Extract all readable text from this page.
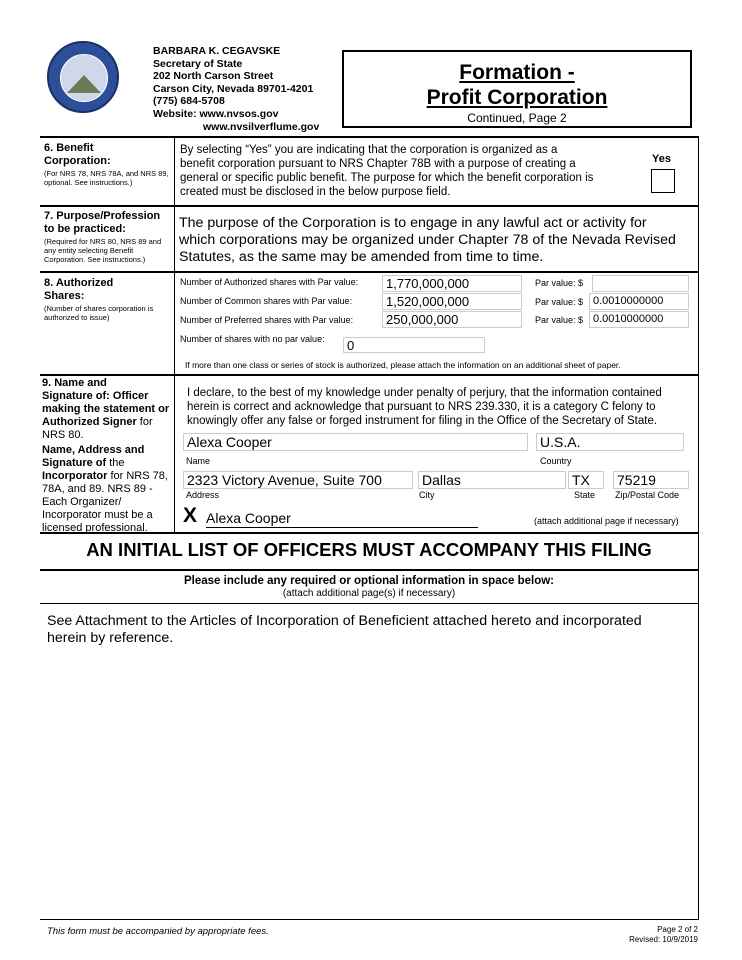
BARBARA K. CEGAVSKE
Secretary of State
202 North Carson Street
Carson City, Nevada 89701-4201
(775) 684-5708
Website: www.nvsos.gov
www.nvsilverflume.gov
Formation -
Profit Corporation
Continued, Page 2
6. Benefit
Corporation:
(For NRS 78, NRS 78A, and NRS 89, optional. See instructions.)
By selecting “Yes” you are indicating that the corporation is organized as a
benefit corporation pursuant to NRS Chapter 78B with a purpose of creating a
general or specific public benefit. The purpose for which the benefit corporation is
created must be disclosed in the below purpose field.
Yes
7. Purpose/Profession
to be practiced:
(Required for NRS 80, NRS 89 and any entity selecting Benefit Corporation. See instructions.)
The purpose of the Corporation is to engage in any lawful act or activity for
which corporations may be organized under Chapter 78 of the Nevada Revised
Statutes, as the same may be amended from time to time.
8. Authorized
Shares:
(Number of shares corporation is authorized to issue)
Number of Authorized shares with Par value:	1,770,000,000	Par value: $
Number of Common shares with Par value:	1,520,000,000	Par value: $ 0.0010000000
Number of Preferred shares with Par value:	250,000,000	Par value: $ 0.0010000000
Number of shares with no par value:	0
If more than one class or series of stock is authorized, please attach the information on an additional sheet of paper.
9. Name and
Signature of: Officer
making the statement or
Authorized Signer for
NRS 80.
Name, Address and
Signature of the
Incorporator for NRS 78,
78A, and 89. NRS 89 -
Each Organizer/
Incorporator must be a
licensed professional.
I declare, to the best of my knowledge under penalty of perjury, that the information contained
herein is correct and acknowledge that pursuant to NRS 239.330, it is a category C felony to
knowingly offer any false or forged instrument for filing in the Office of the Secretary of State.
Alexa Cooper	U.S.A.
Name	Country
2323 Victory Avenue, Suite 700	Dallas	TX	75219
Address	City	State Zip/Postal Code
X Alexa Cooper	(attach additional page if necessary)
AN INITIAL LIST OF OFFICERS MUST ACCOMPANY THIS FILING
Please include any required or optional information in space below:
(attach additional page(s) if necessary)
See Attachment to the Articles of Incorporation of Beneficient attached hereto and incorporated
herein by reference.
This form must be accompanied by appropriate fees.	Page 2 of 2
Revised: 10/9/2019
